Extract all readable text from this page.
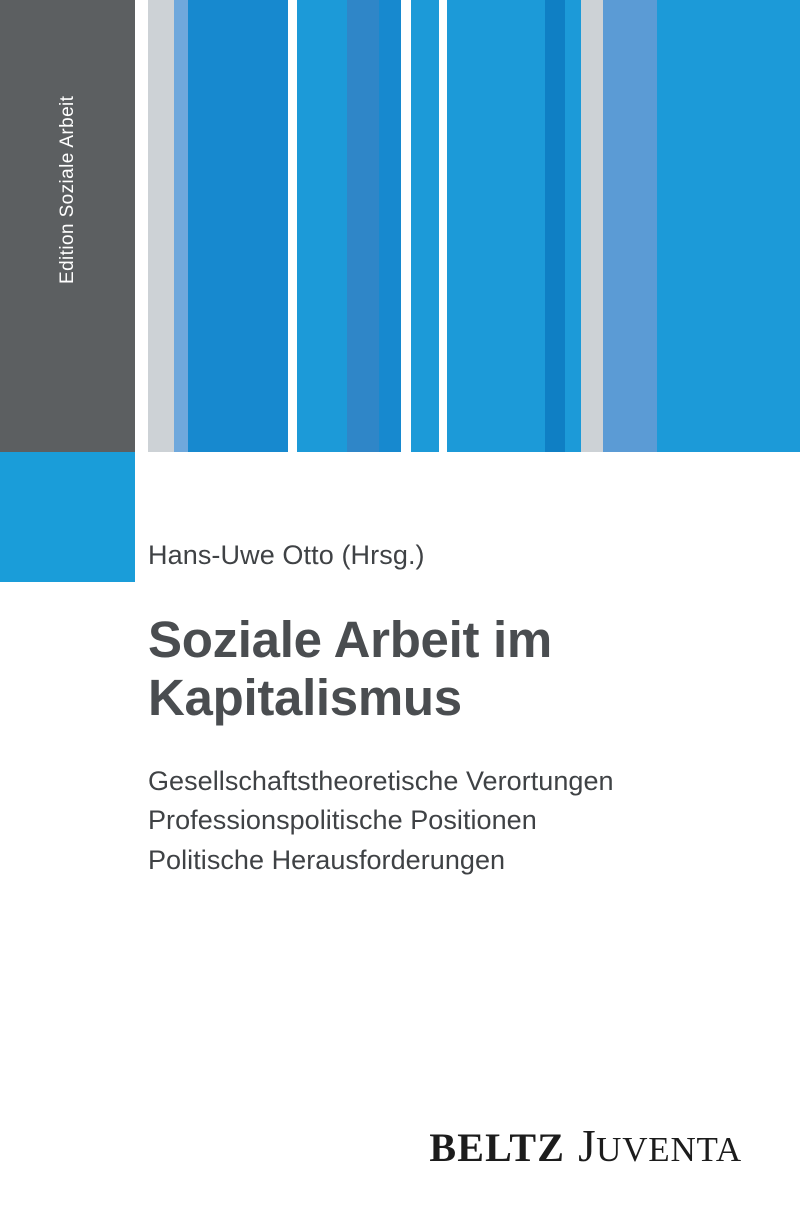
Edition Soziale Arbeit
Hans-Uwe Otto (Hrsg.)
Soziale Arbeit im
Kapitalismus
Gesellschaftstheoretische Verortungen
Professionspolitische Positionen
Politische Herausforderungen
BELTZ J UVENTA
